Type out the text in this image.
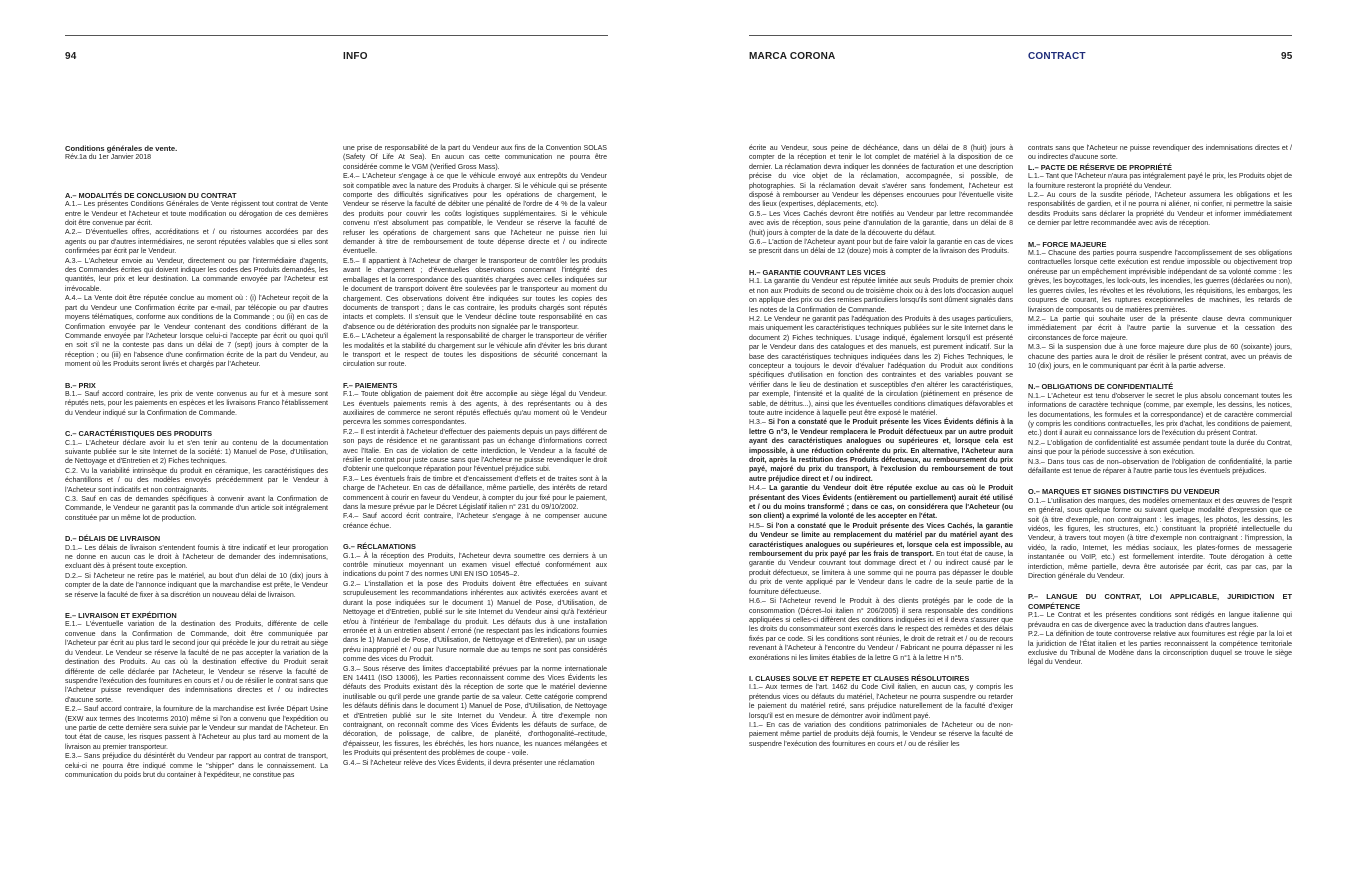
94	INFO	MARCA CORONA	CONTRACT	95

Conditions générales de vente.

Rév.1a du 1er Janvier 2018

A.– MODALITÉS DE CONCLUSION DU CONTRAT

A.1.– Les présentes Conditions Générales de Vente régissent tout contrat de Vente entre le Vendeur et l'Acheteur et toute modification ou dérogation de ces dernières doit être convenue par écrit.

A.2.– D'éventuelles offres, accréditations et / ou ristournes accordées par des agents ou par d'autres intermédiaires, ne seront réputées valables que si elles sont confirmées par écrit par le Vendeur.

A.3.– L'Acheteur envoie au Vendeur, directement ou par l'intermédiaire d'agents, des Commandes écrites qui doivent indiquer les codes des Produits demandés, les quantités, leur prix et leur destination. La commande envoyée par l'Acheteur est irrévocable.

A.4.– La Vente doit être réputée conclue au moment où : (i) l'Acheteur reçoit de la part du Vendeur une Confirmation écrite par e-mail, par télécopie ou par d'autres moyens télématiques, conforme aux conditions de la Commande ; ou (ii) en cas de Confirmation envoyée par le Vendeur contenant des conditions différant de la Commande envoyée par l'Acheteur lorsque celui-ci l'accepte par écrit ou quoi qu'il en soit s'il ne la conteste pas dans un délai de 7 (sept) jours à compter de la réception ; ou (iii) en l'absence d'une confirmation écrite de la part du Vendeur, au moment où les Produits seront livrés et chargés par l'Acheteur.

B.– PRIX

B.1.– Sauf accord contraire, les prix de vente convenus au fur et à mesure sont réputés nets, pour les paiements en espèces et les livraisons Franco l'établissement du Vendeur indiqué sur la Confirmation de Commande.

C.– CARACTÉRISTIQUES DES PRODUITS

C.1.– L'Acheteur déclare avoir lu et s'en tenir au contenu de la documentation suivante publiée sur le site Internet de la société: 1) Manuel de Pose, d'Utilisation, de Nettoyage et d'Entretien et 2) Fiches techniques.

C.2. Vu la variabilité intrinsèque du produit en céramique, les caractéristiques des échantillons et / ou des modèles envoyés précédemment par le Vendeur à l'Acheteur sont indicatifs et non contraignants.

C.3. Sauf en cas de demandes spécifiques à convenir avant la Confirmation de Commande, le Vendeur ne garantit pas la commande d'un article soit intégralement constituée par un même lot de production.

D.– DÉLAIS DE LIVRAISON

D.1.– Les délais de livraison s'entendent fournis à titre indicatif et leur prorogation ne donne en aucun cas le droit à l'Acheteur de demander des indemnisations, excluant dès à présent toute exception.

D.2.– Si l'Acheteur ne retire pas le matériel, au bout d'un délai de 10 (dix) jours à compter de la date de l'annonce indiquant que la marchandise est prête, le Vendeur se réserve la faculté de fixer à sa discrétion un nouveau délai de livraison.

E.– LIVRAISON ET EXPÉDITION

E.1.– L'éventuelle variation de la destination des Produits, différente de celle convenue dans la Confirmation de Commande, doit être communiquée par l'Acheteur par écrit au plus tard le second jour qui précède le jour du retrait au siège du Vendeur. Le Vendeur se réserve la faculté de ne pas accepter la variation de la destination des Produits. Au cas où la destination effective du Produit serait différente de celle déclarée par l'Acheteur, le Vendeur se réserve la faculté de suspendre l'exécution des fournitures en cours et / ou de résilier le contrat sans que l'Acheteur puisse revendiquer des indemnisations directes et / ou indirectes d'aucune sorte.

E.2.– Sauf accord contraire, la fourniture de la marchandise est livrée Départ Usine (EXW aux termes des Incoterms 2010) même si l'on a convenu que l'expédition ou une partie de cette dernière sera suivie par le Vendeur sur mandat de l'Acheteur. En tout état de cause, les risques passent à l'Acheteur au plus tard au moment de la livraison au premier transporteur.

E.3.– Sans préjudice du désintérêt du Vendeur par rapport au contrat de transport, celui-ci ne pourra être indiqué comme le "shipper" dans le connaissement. La communication du poids brut du container à l'expéditeur, ne constitue pas

une prise de responsabilité de la part du Vendeur aux fins de la Convention SOLAS (Safety Of Life At Sea). En aucun cas cette communication ne pourra être considérée comme le VGM (Verified Gross Mass).

E.4.– L'Acheteur s'engage à ce que le véhicule envoyé aux entrepôts du Vendeur soit compatible avec la nature des Produits à charger. Si le véhicule qui se présente comporte des difficultés significatives pour les opérations de chargement, le Vendeur se réserve la faculté de débiter une pénalité de l'ordre de 4 % de la valeur des produits pour couvrir les coûts logistiques supplémentaires. Si le véhicule convenu n'est absolument pas compatible, le Vendeur se réserve la faculté de refuser les opérations de chargement sans que l'Acheteur ne puisse rien lui demander à titre de remboursement de toute dépense directe et / ou indirecte éventuelle.

E.5.– Il appartient à l'Acheteur de charger le transporteur de contrôler les produits avant le chargement ; d'éventuelles observations concernant l'intégrité des emballages et la correspondance des quantités chargées avec celles indiquées sur le document de transport doivent être soulevées par le transporteur au moment du chargement. Ces observations doivent être indiquées sur toutes les copies des documents de transport ; dans le cas contraire, les produits chargés sont réputés intacts et complets. Il s'ensuit que le Vendeur décline toute responsabilité en cas d'absence ou de détérioration des produits non signalée par le transporteur.

E.6.– L'Acheteur a également la responsabilité de charger le transporteur de vérifier les modalités et la stabilité du chargement sur le véhicule afin d'éviter les bris durant le transport et le respect de toutes les dispositions de sécurité concernant la circulation sur route.

F.– PAIEMENTS

F.1.– Toute obligation de paiement doit être accomplie au siège légal du Vendeur. Les éventuels paiements remis à des agents, à des représentants ou à des auxiliaires de commerce ne seront réputés effectués qu'au moment où le Vendeur percevra les sommes correspondantes.

F.2.– Il est interdit à l'Acheteur d'effectuer des paiements depuis un pays différent de son pays de résidence et ne garantissant pas un échange d'informations correct avec l'Italie. En cas de violation de cette interdiction, le Vendeur a la faculté de résilier le contrat pour juste cause sans que l'Acheteur ne puisse revendiquer le droit d'obtenir une quelconque réparation pour l'éventuel préjudice subi.

F.3.– Les éventuels frais de timbre et d'encaissement d'effets et de traites sont à la charge de l'Acheteur. En cas de défaillance, même partielle, des intérêts de retard commencent à courir en faveur du Vendeur, à compter du jour fixé pour le paiement, dans la mesure prévue par le Décret Législatif italien n° 231 du 09/10/2002.

F.4.– Sauf accord écrit contraire, l'Acheteur s'engage à ne compenser aucune créance échue.

G.– RÉCLAMATIONS

G.1.– À la réception des Produits, l'Acheteur devra soumettre ces derniers à un contrôle minutieux moyennant un examen visuel effectué conformément aux indications du point 7 des normes UNI EN ISO 10545–2.

G.2.– L'installation et la pose des Produits doivent être effectuées en suivant scrupuleusement les recommandations inhérentes aux activités exercées avant et durant la pose indiquées sur le document 1) Manuel de Pose, d'Utilisation, de Nettoyage et d'Entretien, publié sur le site Internet du Vendeur ainsi qu'à l'extérieur et/ou à l'intérieur de l'emballage du produit. Les défauts dus à une installation erronée et à un entretien absent / erroné (ne respectant pas les indications fournies dans le 1) Manuel de Pose, d'Utilisation, de Nettoyage et d'Entretien), par un usage prévu inapproprié et / ou par l'usure normale due au temps ne sont pas considérés comme des vices du Produit.

G.3.– Sous réserve des limites d'acceptabilité prévues par la norme internationale EN 14411 (ISO 13006), les Parties reconnaissent comme des Vices Évidents les défauts des Produits existant dès la réception de sorte que le matériel devienne inutilisable ou qu'il perde une grande partie de sa valeur. Cette catégorie comprend les défauts définis dans le document 1) Manuel de Pose, d'Utilisation, de Nettoyage et d'Entretien publié sur le site Internet du Vendeur. À titre d'exemple non contraignant, on reconnaît comme des Vices Évidents les défauts de surface, de décoration, de polissage, de calibre, de planéité, d'orthogonalité–rectitude, d'épaisseur, les fissures, les ébréchés, les hors nuance, les nuances mélangées et les Produits qui présentent des problèmes de coupe - voile.

G.4.– Si l'Acheteur relève des Vices Évidents, il devra présenter une réclamation

écrite au Vendeur, sous peine de déchéance, dans un délai de 8 (huit) jours à compter de la réception et tenir le lot complet de matériel à la disposition de ce dernier. La réclamation devra indiquer les données de facturation et une description précise du vice objet de la réclamation, accompagnée, si possible, de photographies. Si la réclamation devait s'avérer sans fondement, l'Acheteur est disposé à rembourser au Vendeur les dépenses encourues pour l'éventuelle visite des lieux (expertises, déplacements, etc).

G.5.– Les Vices Cachés devront être notifiés au Vendeur par lettre recommandée avec avis de réception, sous peine d'annulation de la garantie, dans un délai de 8 (huit) jours à compter de la date de la découverte du défaut.

G.6.– L'action de l'Acheteur ayant pour but de faire valoir la garantie en cas de vices se prescrit dans un délai de 12 (douze) mois à compter de la livraison des Produits.

H.– GARANTIE COUVRANT LES VICES

H.1. La garantie du Vendeur est réputée limitée aux seuls Produits de premier choix et non aux Produits de second ou de troisième choix ou à des lots d'occasion auquel on applique des prix ou des remises particuliers lorsqu'ils sont dûment signalés dans les notes de la Confirmation de Commande.

H.2. Le Vendeur ne garantit pas l'adéquation des Produits à des usages particuliers, mais uniquement les caractéristiques techniques publiées sur le site Internet dans le document 2) Fiches techniques. L'usage indiqué, également lorsqu'il est présenté par le Vendeur dans des catalogues et des manuels, est purement indicatif. Sur la base des caractéristiques techniques indiquées dans les 2) Fiches Techniques, le concepteur a toujours le devoir d'évaluer l'adéquation du Produit aux conditions spécifiques d'utilisation en fonction des contraintes et des variables pouvant se vérifier dans le lieu de destination et susceptibles d'en altérer les caractéristiques, par exemple, l'intensité et la qualité de la circulation (piétinement en présence de sable, de détritus...), ainsi que les éventuelles conditions climatiques défavorables et toute autre incidence à laquelle peut être exposé le matériel.

H.3.– Si l'on a constaté que le Produit présente les Vices Évidents définis à la lettre G n°3, le Vendeur remplacera le Produit défectueux par un autre produit ayant des caractéristiques analogues ou supérieures et, lorsque cela est impossible, à une réduction cohérente du prix. En alternative, l'Acheteur aura droit, après la restitution des Produits défectueux, au remboursement du prix payé, majoré du prix du transport, à l'exclusion du remboursement de tout autre préjudice direct et / ou indirect.

H.4.– La garantie du Vendeur doit être réputée exclue au cas où le Produit présentant des Vices Évidents (entièrement ou partiellement) aurait été utilisé et / ou du moins transformé ; dans ce cas, on considérera que l'Acheteur (ou son client) a exprimé la volonté de les accepter en l'état.

H.5– Si l'on a constaté que le Produit présente des Vices Cachés, la garantie du Vendeur se limite au remplacement du matériel par du matériel ayant des caractéristiques analogues ou supérieures et, lorsque cela est impossible, au remboursement du prix payé par les frais de transport. En tout état de cause, la garantie du Vendeur couvrant tout dommage direct et / ou indirect causé par le produit défectueux, se limitera à une somme qui ne pourra pas dépasser le double du prix de vente appliqué par le Vendeur dans le cadre de la seule partie de la fourniture défectueuse.

H.6.– Si l'Acheteur revend le Produit à des clients protégés par le code de la consommation (Décret–loi italien n° 206/2005) il sera responsable des conditions appliquées si celles-ci diffèrent des conditions indiquées ici et il devra s'assurer que les droits du consommateur sont exercés dans le respect des remèdes et des délais fixés par ce code. Si les conditions sont réunies, le droit de retrait et / ou de recours revenant à l'Acheteur à l'encontre du Vendeur / Fabricant ne pourra dépasser ni les exonérations ni les limites établies de la lettre G n°1 à la lettre H n°5.

I. CLAUSES SOLVE ET REPETE ET CLAUSES RÉSOLUTOIRES

I.1.– Aux termes de l'art. 1462 du Code Civil italien, en aucun cas, y compris les prétendus vices ou défauts du matériel, l'Acheteur ne pourra suspendre ou retarder le paiement du matériel retiré, sans préjudice naturellement de la faculté d'exiger lorsqu'il est en mesure de démontrer avoir indûment payé.

I.1.– En cas de variation des conditions patrimoniales de l'Acheteur ou de non-paiement même partiel de produits déjà fournis, le Vendeur se réserve la faculté de suspendre l'exécution des fournitures en cours et / ou de résilier les

contrats sans que l'Acheteur ne puisse revendiquer des indemnisations directes et / ou indirectes d'aucune sorte.

L.– PACTE DE RÉSERVE DE PROPRIÉTÉ

L.1.– Tant que l'Acheteur n'aura pas intégralement payé le prix, les Produits objet de la fourniture resteront la propriété du Vendeur.

L.2.– Au cours de la susdite période, l'Acheteur assumera les obligations et les responsabilités de gardien, et il ne pourra ni aliéner, ni confier, ni permettre la saisie desdits Produits sans déclarer la propriété du Vendeur et informer immédiatement ce dernier par lettre recommandée avec avis de réception.

M.– FORCE MAJEURE

M.1.– Chacune des parties pourra suspendre l'accomplissement de ses obligations contractuelles lorsque cette exécution est rendue impossible ou objectivement trop onéreuse par un empêchement imprévisible indépendant de sa volonté comme : les grèves, les boycottages, les lock-outs, les incendies, les guerres (déclarées ou non), les guerres civiles, les révoltes et les révolutions, les réquisitions, les embargos, les coupures de courant, les ruptures exceptionnelles de machines, les retards de livraison de composants ou de matières premières.

M.2.– La partie qui souhaite user de la présente clause devra communiquer immédiatement par écrit à l'autre partie la survenue et la cessation des circonstances de force majeure.

M.3.– Si la suspension due à une force majeure dure plus de 60 (soixante) jours, chacune des parties aura le droit de résilier le présent contrat, avec un préavis de 10 (dix) jours, en le communiquant par écrit à la partie adverse.

N.– OBLIGATIONS DE CONFIDENTIALITÉ

N.1.– L'Acheteur est tenu d'observer le secret le plus absolu concernant toutes les informations de caractère technique (comme, par exemple, les dessins, les notices, les documentations, les formules et la correspondance) et de caractère commercial (y compris les conditions contractuelles, les prix d'achat, les conditions de paiement, etc.) dont il aurait eu connaissance lors de l'exécution du présent Contrat.

N.2.– L'obligation de confidentialité est assumée pendant toute la durée du Contrat, ainsi que pour la période successive à son exécution.

N.3.– Dans tous cas de non–observation de l'obligation de confidentialité, la partie défaillante est tenue de réparer à l'autre partie tous les éventuels préjudices.

O.– MARQUES ET SIGNES DISTINCTIFS DU VENDEUR

O.1.– L'utilisation des marques, des modèles ornementaux et des œuvres de l'esprit en général, sous quelque forme ou suivant quelque modalité d'expression que ce soit (à titre d'exemple, non contraignant : les images, les photos, les dessins, les vidéos, les figures, les structures, etc.) constituant la propriété intellectuelle du Vendeur, à travers tout moyen (à titre d'exemple non contraignant : l'impression, la vidéo, la radio, Internet, les médias sociaux, les plates-formes de messagerie instantanée ou VoIP, etc.) est formellement interdite. Toute dérogation à cette interdiction, même partielle, devra être autorisée par écrit, cas par cas, par la Direction générale du Vendeur.

P.– LANGUE DU CONTRAT, LOI APPLICABLE, JURIDICTION ET COMPÉTENCE

P.1.– Le Contrat et les présentes conditions sont rédigés en langue italienne qui prévaudra en cas de divergence avec la traduction dans d'autres langues.

P.2.– La définition de toute controverse relative aux fournitures est régie par la loi et la juridiction de l'État italien et les parties reconnaissent la compétence territoriale exclusive du Tribunal de Modène dans la circonscription duquel se trouve le siège légal du Vendeur.
